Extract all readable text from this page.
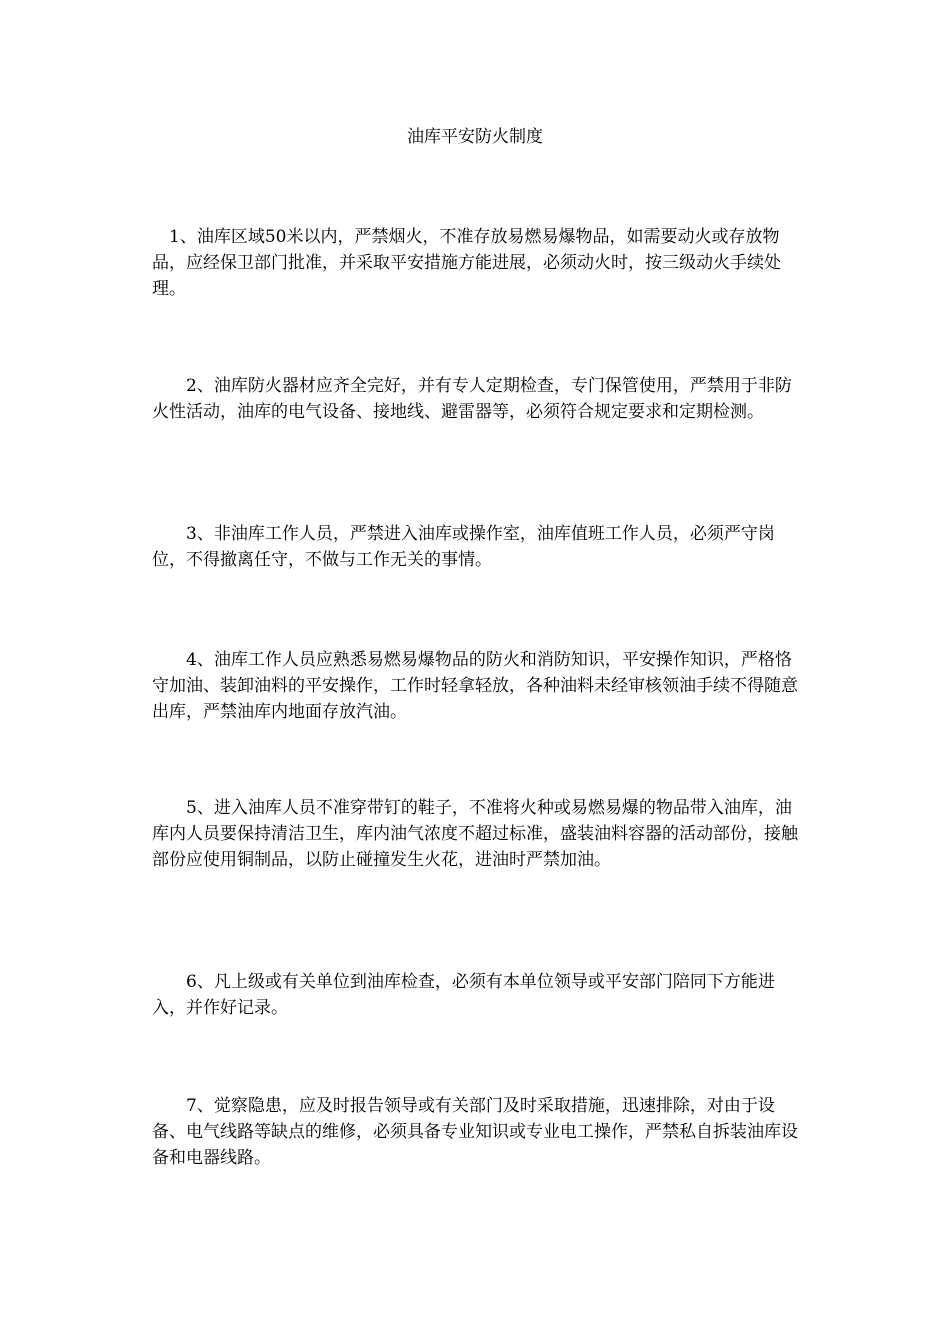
油库平安防火制度

1、油库区域50米以内，严禁烟火，不准存放易燃易爆物品，如需要动火或存放物品，应经保卫部门批准，并采取平安措施方能进展，必须动火时，按三级动火手续处理。

2、油库防火器材应齐全完好，并有专人定期检查，专门保管使用，严禁用于非防火性活动，油库的电气设备、接地线、避雷器等，必须符合规定要求和定期检测。

3、非油库工作人员，严禁进入油库或操作室，油库值班工作人员，必须严守岗位，不得撤离任守，不做与工作无关的事情。

4、油库工作人员应熟悉易燃易爆物品的防火和消防知识，平安操作知识，严格恪守加油、装卸油料的平安操作，工作时轻拿轻放，各种油料未经审核领油手续不得随意出库，严禁油库内地面存放汽油。

5、进入油库人员不准穿带钉的鞋子，不准将火种或易燃易爆的物品带入油库，油库内人员要保持清洁卫生，库内油气浓度不超过标准，盛装油料容器的活动部份，接触部份应使用铜制品，以防止碰撞发生火花，进油时严禁加油。

6、凡上级或有关单位到油库检查，必须有本单位领导或平安部门陪同下方能进入，并作好记录。

7、觉察隐患，应及时报告领导或有关部门及时采取措施，迅速排除，对由于设备、电气线路等缺点的维修，必须具备专业知识或专业电工操作，严禁私自拆装油库设备和电器线路。
